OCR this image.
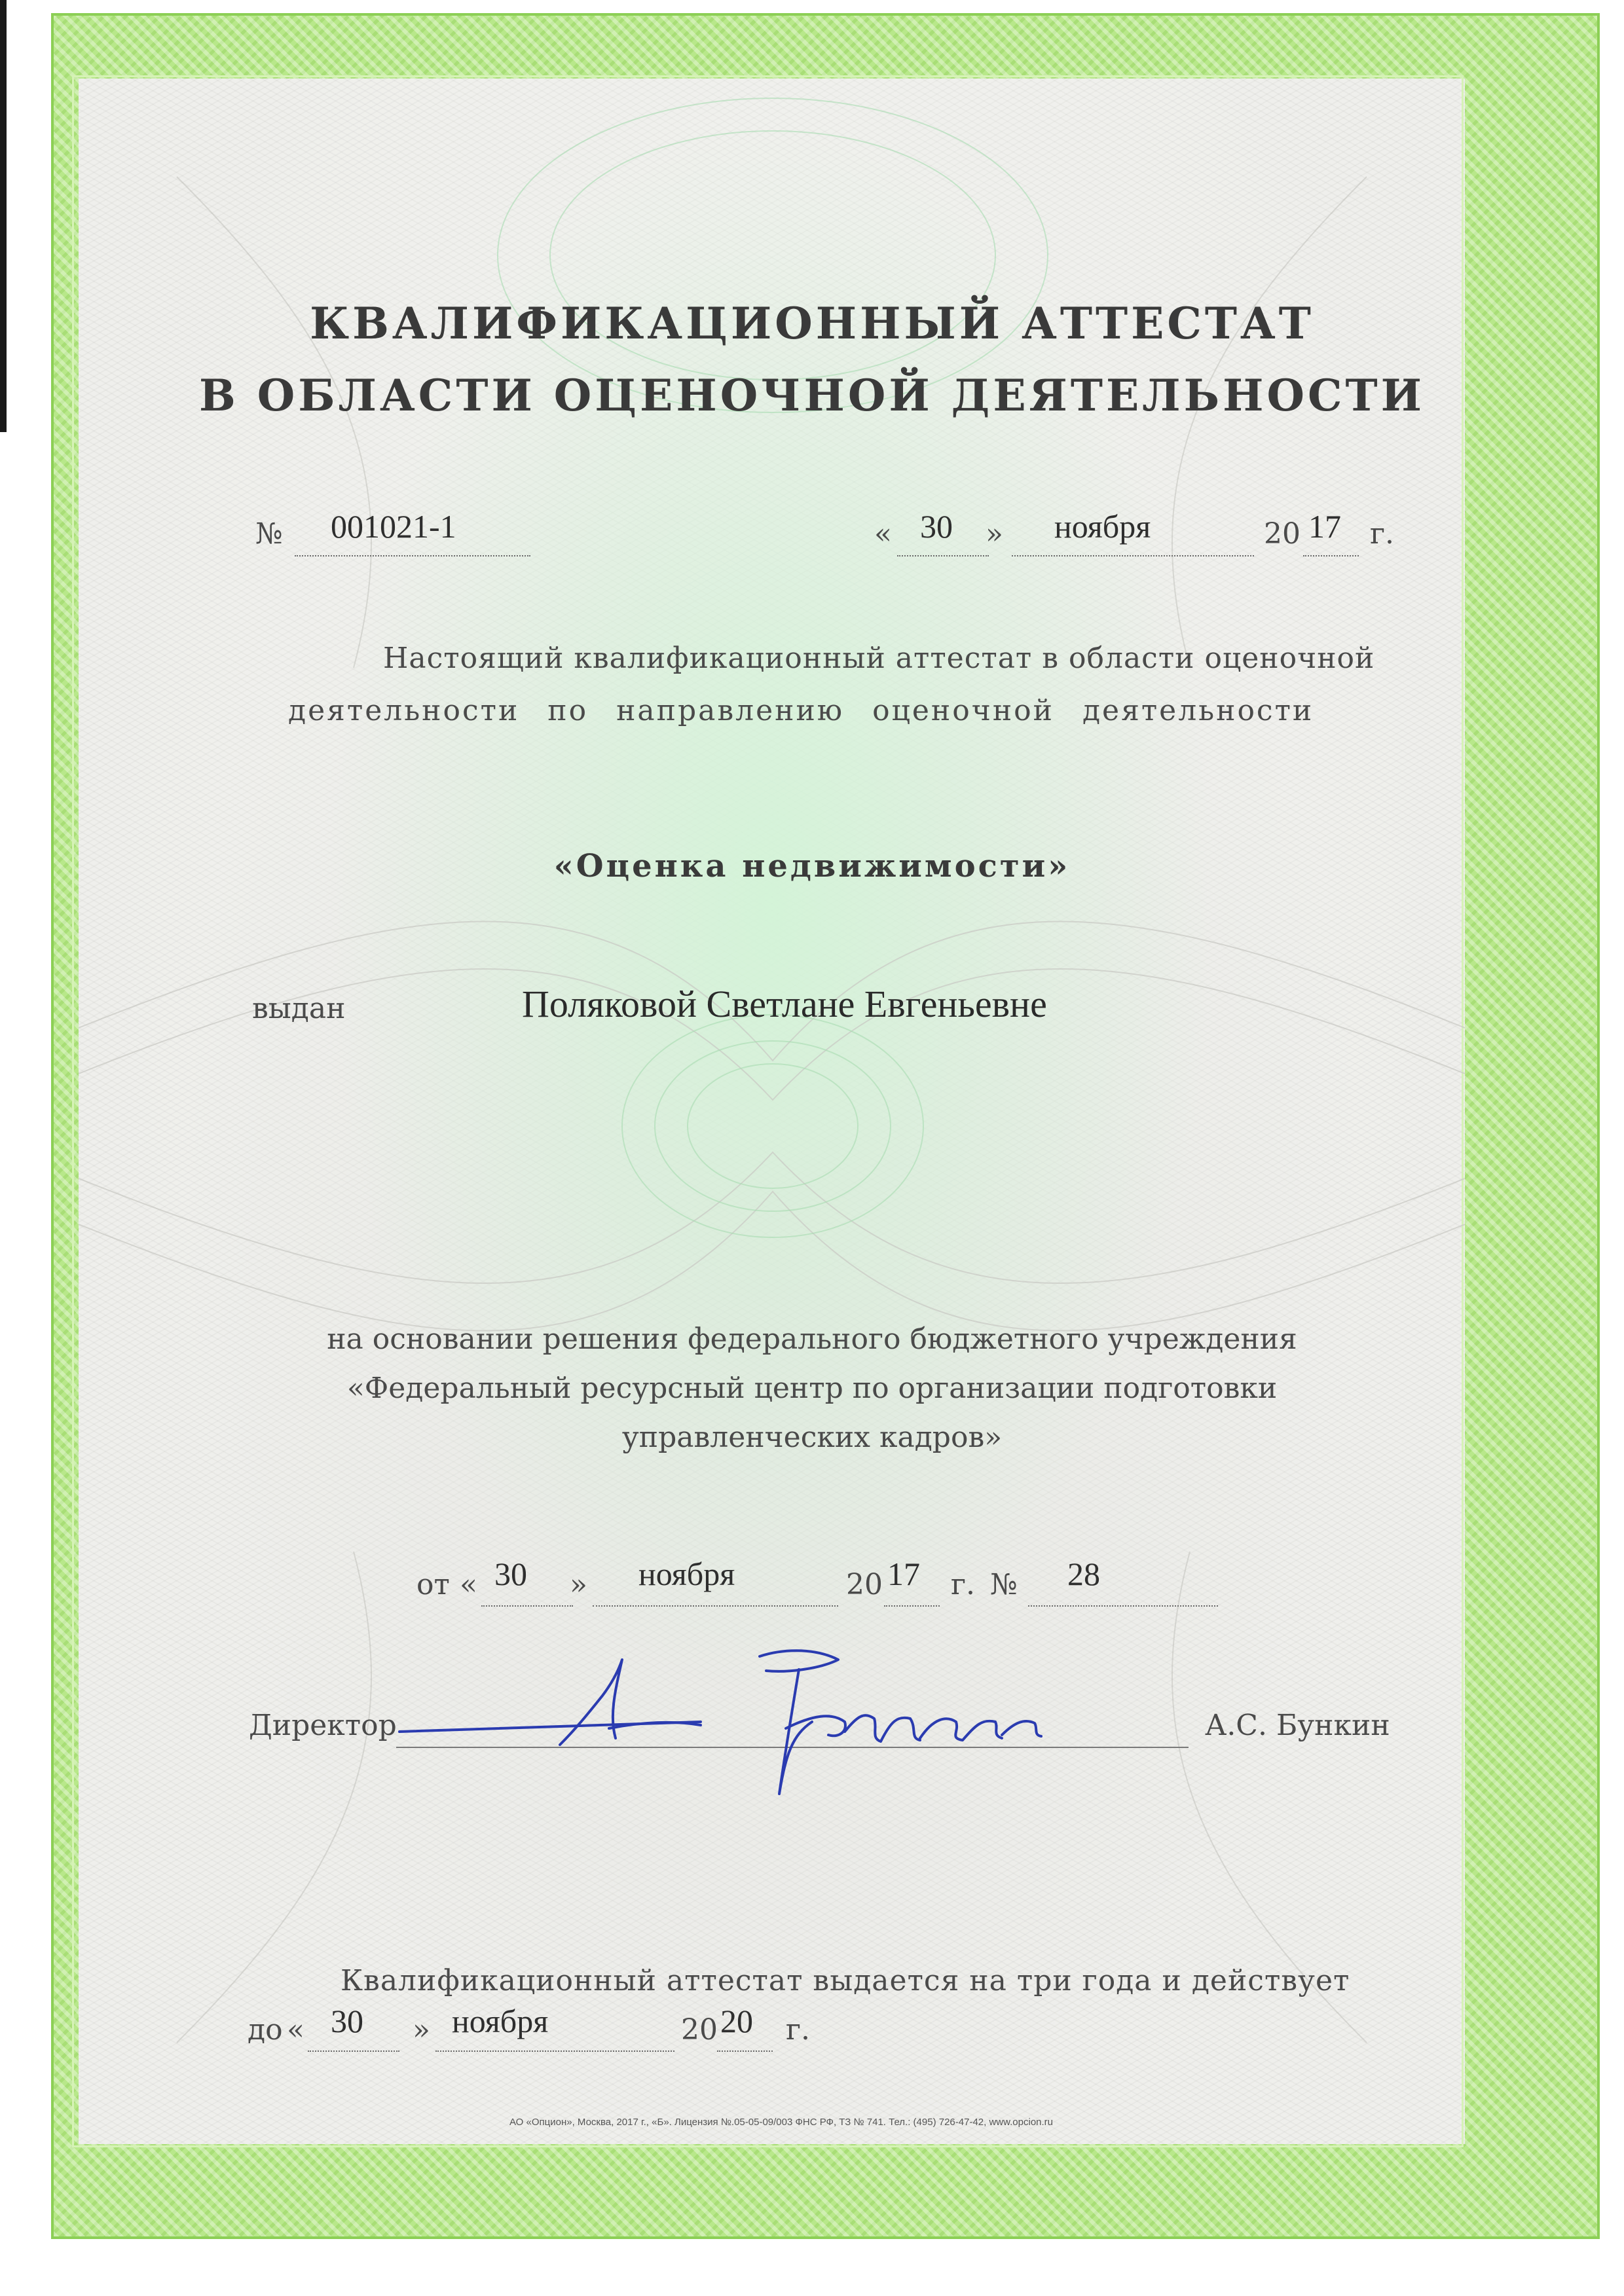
КВАЛИФИКАЦИОННЫЙ АТТЕСТАТ
В ОБЛАСТИ ОЦЕНОЧНОЙ ДЕЯТЕЛЬНОСТИ
№ 001021-1	« 30 » ноября	20 17 г.
Настоящий квалификационный аттестат в области оценочной
деятельности по направлению оценочной деятельности
«Оценка недвижимости»
выдан	Поляковой Светлане Евгеньевне
на основании решения федерального бюджетного учреждения
«Федеральный ресурсный центр по организации подготовки
управленческих кадров»
от « 30 » ноября	20 17 г. № 28
Директор	А.С. Бункин
Квалификационный аттестат выдается на три года и действует
до « 30 » ноября	20 20 г.
АО «Опцион», Москва, 2017 г., «Б». Лицензия №.05-05-09/003 ФНС РФ, ТЗ № 741. Тел.: (495) 726-47-42, www.opcion.ru
